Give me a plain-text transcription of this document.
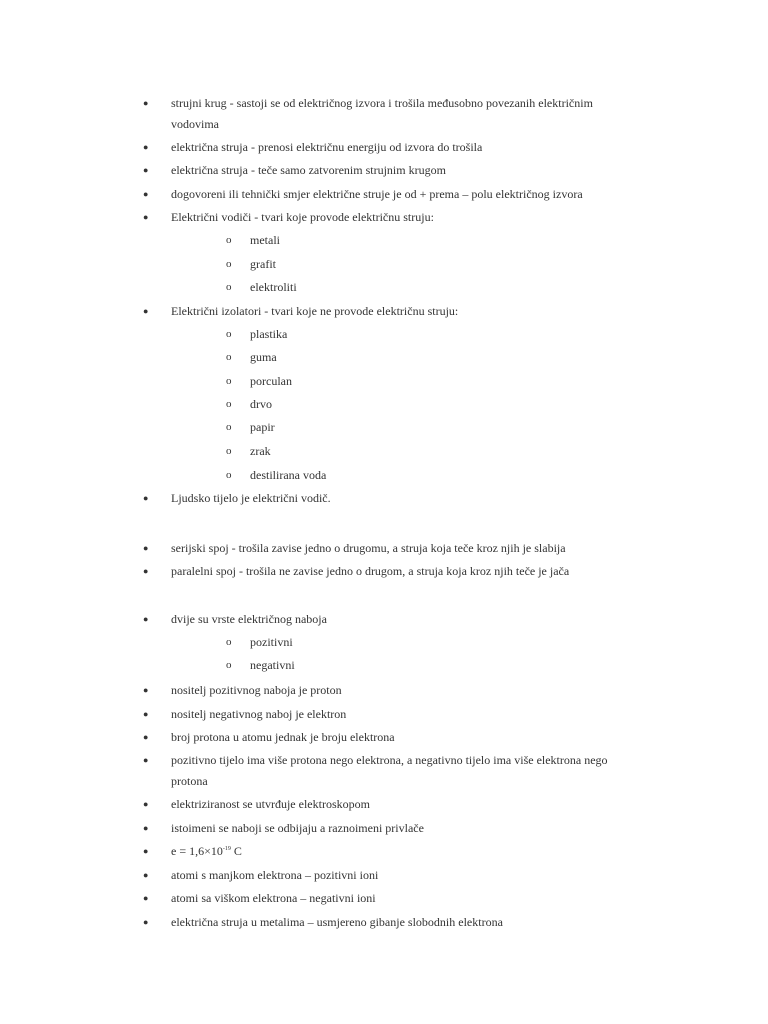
●	strujni krug - sastoji se od električnog izvora i trošila međusobno povezanih električnim
vodovima
●	električna struja - prenosi električnu energiju od izvora do trošila
●	električna struja - teče samo zatvorenim strujnim krugom
●	dogovoreni ili tehnički smjer električne struje je od + prema – polu električnog izvora
●	Električni vodiči - tvari koje provode električnu struju:
o metali
o grafit
o elektroliti
●	Električni izolatori - tvari koje ne provode električnu struju:
o plastika
o guma
o porculan
o drvo
o papir
o zrak
o destilirana voda
●	Ljudsko tijelo je električni vodič.
●	serijski spoj - trošila zavise jedno o drugomu, a struja koja teče kroz njih je slabija
●	paralelni spoj - trošila ne zavise jedno o drugom, a struja koja kroz njih teče je jača
●	dvije su vrste električnog naboja
o pozitivni
o negativni
●	nositelj pozitivnog naboja je proton
●	nositelj negativnog naboj je elektron
●	broj protona u atomu jednak je broju elektrona
●	pozitivno tijelo ima više protona nego elektrona, a negativno tijelo ima više elektrona nego
protona
●	elektriziranost se utvrđuje elektroskopom
●	istoimeni se naboji se odbijaju a raznoimeni privlače
●	$e = 1,6\times 10^{-19}$ C
●	atomi s manjkom elektrona – pozitivni ioni
●	atomi sa viškom elektrona – negativni ioni
●	električna struja u metalima – usmjereno gibanje slobodnih elektrona
